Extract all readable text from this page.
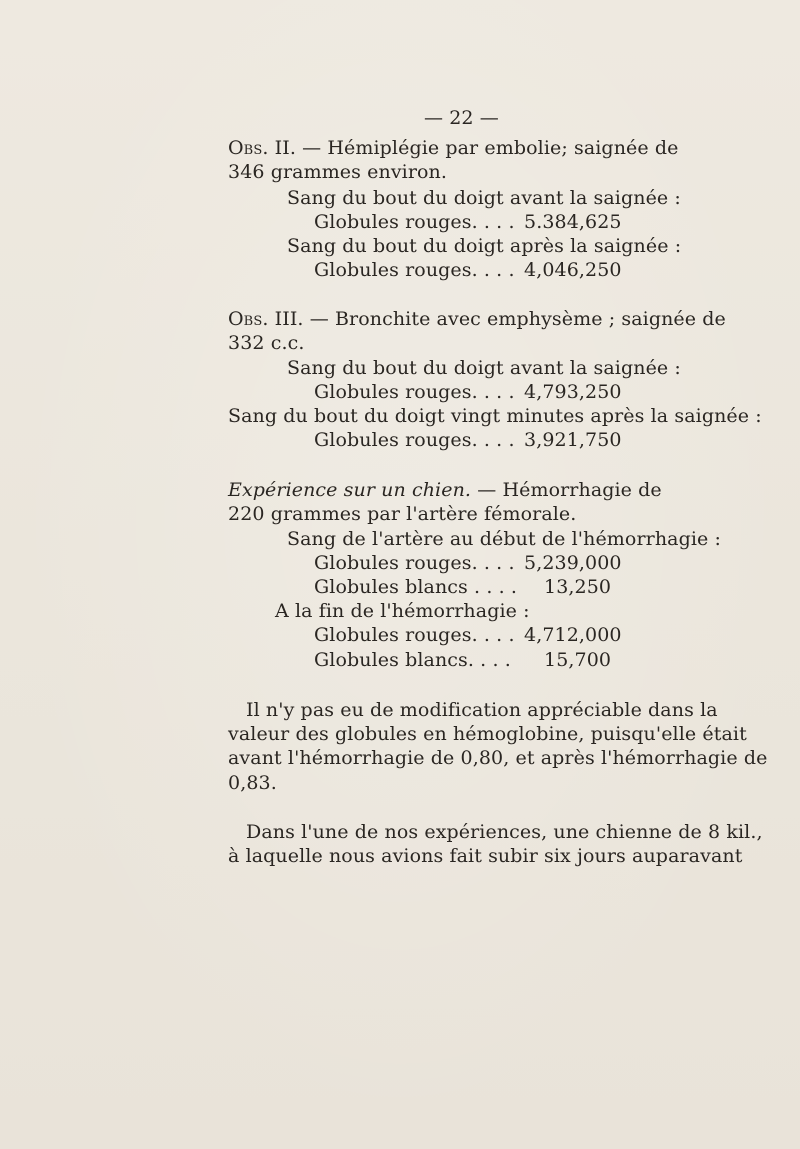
— 22 —
Obs. II. — Hémiplégie par embolie; saignée de
346 grammes environ.
Sang du bout du doigt avant la saignée :
Globules rouges. . . . 5.384,625
Sang du bout du doigt après la saignée :
Globules rouges. . . . 4,046,250
Obs. III. — Bronchite avec emphysème ; saignée de
332 c.c.
Sang du bout du doigt avant la saignée :
Globules rouges. . . . 4,793,250
Sang du bout du doigt vingt minutes après la saignée :
Globules rouges. . . . 3,921,750
Expérience sur un chien. — Hémorrhagie de
220 grammes par l'artère fémorale.
Sang de l'artère au début de l'hémorrhagie :
Globules rouges. . . . 5,239,000
Globules blancs . . . . 13,250
A la fin de l'hémorrhagie :
Globules rouges. . . . 4,712,000
Globules blancs. . . . 15,700
Il n'y pas eu de modification appréciable dans la
valeur des globules en hémoglobine, puisqu'elle était
avant l'hémorrhagie de 0,80, et après l'hémorrhagie de
0,83.
Dans l'une de nos expériences, une chienne de 8 kil.,
à laquelle nous avions fait subir six jours auparavant
